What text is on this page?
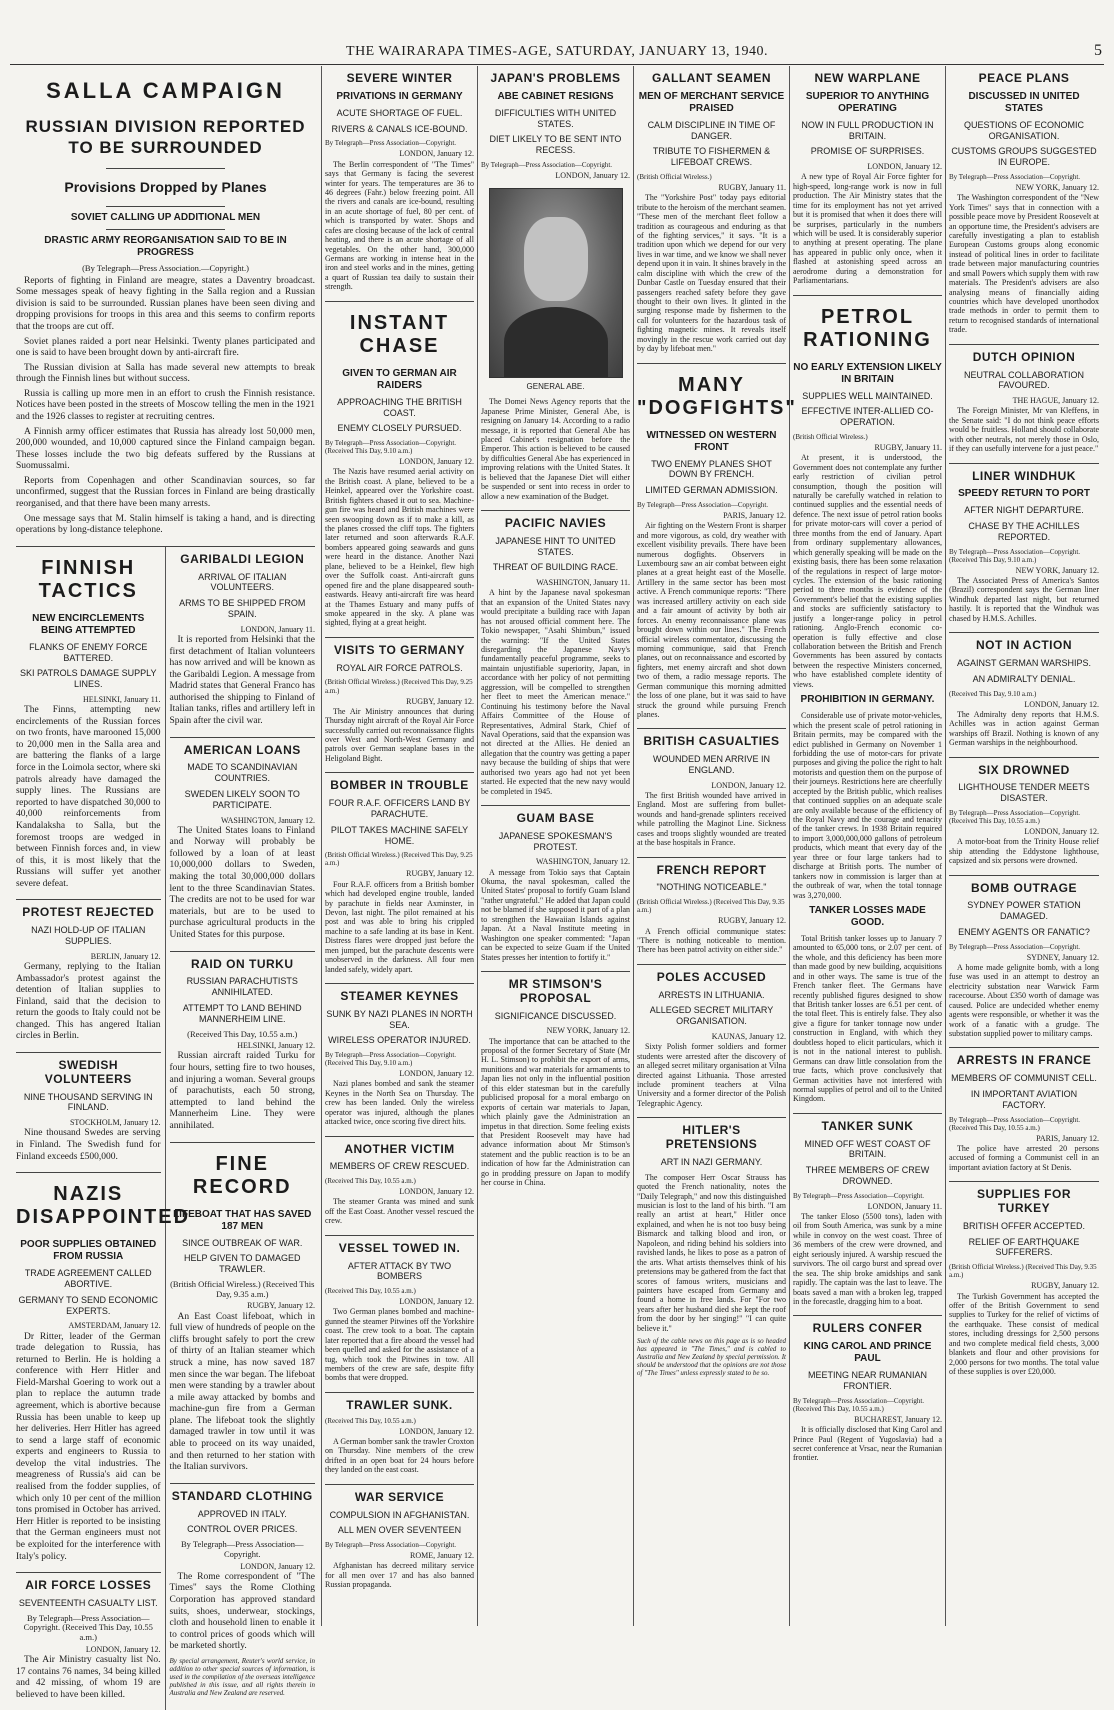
THE WAIRARAPA TIMES-AGE, SATURDAY, JANUARY 13, 1940.	5
SALLA CAMPAIGN
RUSSIAN DIVISION REPORTED TO BE SURROUNDED
Provisions Dropped by Planes
SOVIET CALLING UP ADDITIONAL MEN
DRASTIC ARMY REORGANISATION SAID TO BE IN PROGRESS
(By Telegraph—Press Association.—Copyright.)

Reports of fighting in Finland are meagre, states a Daventry broadcast. Some messages speak of heavy fighting in the Salla region and a Russian division is said to be surrounded. Russian planes have been seen diving and dropping provisions for troops in this area and this seems to confirm reports that the troops are cut off.

Soviet planes raided a port near Helsinki. Twenty planes participated and one is said to have been brought down by anti-aircraft fire.

The Russian division at Salla has made several new attempts to break through the Finnish lines but without success.

Russia is calling up more men in an effort to crush the Finnish resistance. Notices have been posted in the streets of Moscow telling the men in the 1921 and the 1926 classes to register at recruiting centres.

A Finnish army officer estimates that Russia has already lost 50,000 men, 200,000 wounded, and 10,000 captured since the Finland campaign began. These losses include the two big defeats suffered by the Russians at Suomussalmi.

Reports from Copenhagen and other Scandinavian sources, so far unconfirmed, suggest that the Russian forces in Finland are being drastically reorganised, and that there have been many arrests.

One message says that M. Stalin himself is taking a hand, and is directing operations by long-distance telephone.

FINNISH TACTICS
NEW ENCIRCLEMENTS BEING ATTEMPTED
FLANKS OF ENEMY FORCE BATTERED.
SKI PATROLS DAMAGE SUPPLY LINES.
HELSINKI, January 11.

The Finns, attempting new encirclements of the Russian forces on two fronts, have marooned 15,000 to 20,000 men in the Salla area and are battering the flanks of a large force in the Loimola sector, where ski patrols already have damaged the supply lines. The Russians are reported to have dispatched 30,000 to 40,000 reinforcements from Kandalaksha to Salla, but the foremost troops are wedged in between Finnish forces and, in view of this, it is most likely that the Russians will suffer yet another severe defeat.

PROTEST REJECTED
NAZI HOLD-UP OF ITALIAN SUPPLIES.
BERLIN, January 12.

Germany, replying to the Italian Ambassador's protest against the detention of Italian supplies to Finland, said that the decision to return the goods to Italy could not be changed. This has angered Italian circles in Berlin.

SWEDISH VOLUNTEERS
NINE THOUSAND SERVING IN FINLAND.
STOCKHOLM, January 12.

Nine thousand Swedes are serving in Finland. The Swedish fund for Finland exceeds £500,000.

NAZIS DISAPPOINTED
POOR SUPPLIES OBTAINED FROM RUSSIA
TRADE AGREEMENT CALLED ABORTIVE.
GERMANY TO SEND ECONOMIC EXPERTS.
AMSTERDAM, January 12.

Dr Ritter, leader of the German trade delegation to Russia, has returned to Berlin. He is holding a conference with Herr Hitler and Field-Marshal Goering to work out a plan to replace the autumn trade agreement, which is abortive because Russia has been unable to keep up her deliveries. Herr Hitler has agreed to send a large staff of economic experts and engineers to Russia to develop the vital industries. The meagreness of Russia's aid can be realised from the fodder supplies, of which only 10 per cent of the million tons promised in October has arrived. Herr Hitler is reported to be insisting that the German engineers must not be exploited for the interference with Italy's policy.

AIR FORCE LOSSES
SEVENTEENTH CASUALTY LIST.
By Telegraph—Press Association—Copyright. (Received This Day, 10.55 a.m.)
LONDON, January 12.

The Air Ministry casualty list No. 17 contains 76 names, 34 being killed and 42 missing, of whom 19 are believed to have been killed.

GARIBALDI LEGION
ARRIVAL OF ITALIAN VOLUNTEERS.
ARMS TO BE SHIPPED FROM SPAIN.
LONDON, January 11.

It is reported from Helsinki that the first detachment of Italian volunteers has now arrived and will be known as the Garibaldi Legion. A message from Madrid states that General Franco has authorised the shipping to Finland of Italian tanks, rifles and artillery left in Spain after the civil war.

AMERICAN LOANS
MADE TO SCANDINAVIAN COUNTRIES.
SWEDEN LIKELY SOON TO PARTICIPATE.
WASHINGTON, January 12.

The United States loans to Finland and Norway will probably be followed by a loan of at least 10,000,000 dollars to Sweden, making the total 30,000,000 dollars lent to the three Scandinavian States. The credits are not to be used for war materials, but are to be used to purchase agricultural products in the United States for this purpose.

RAID ON TURKU
RUSSIAN PARACHUTISTS ANNIHILATED.
ATTEMPT TO LAND BEHIND MANNERHEIM LINE.
(Received This Day, 10.55 a.m.)
HELSINKI, January 12.

Russian aircraft raided Turku for four hours, setting fire to two houses, and injuring a woman. Several groups of parachutists, each 50 strong, attempted to land behind the Mannerheim Line. They were annihilated.

FINE RECORD
LIFEBOAT THAT HAS SAVED 187 MEN
SINCE OUTBREAK OF WAR.
HELP GIVEN TO DAMAGED TRAWLER.
(British Official Wireless.) (Received This Day, 9.35 a.m.)
RUGBY, January 12.

An East Coast lifeboat, which in full view of hundreds of people on the cliffs brought safely to port the crew of thirty of an Italian steamer which struck a mine, has now saved 187 men since the war began. The lifeboat men were standing by a trawler about a mile away attacked by bombs and machine-gun fire from a German plane. The lifeboat took the slightly damaged trawler in tow until it was able to proceed on its way unaided, and then returned to her station with the Italian survivors.

STANDARD CLOTHING
APPROVED IN ITALY.
CONTROL OVER PRICES.
By Telegraph—Press Association—Copyright.
LONDON, January 12.

The Rome correspondent of "The Times" says the Rome Clothing Corporation has approved standard suits, shoes, underwear, stockings, cloth and household linen to enable it to control prices of goods which will be marketed shortly.

By special arrangement, Reuter's world service, in addition to other special sources of information, is used in the compilation of the overseas intelligence published in this issue, and all rights therein in Australia and New Zealand are reserved.

SEVERE WINTER
PRIVATIONS IN GERMANY
ACUTE SHORTAGE OF FUEL.
RIVERS & CANALS ICE-BOUND.
By Telegraph—Press Association—Copyright.
LONDON, January 12.

The Berlin correspondent of "The Times" says that Germany is facing the severest winter for years. The temperatures are 36 to 46 degrees (Fahr.) below freezing point. All the rivers and canals are ice-bound, resulting in an acute shortage of fuel, 80 per cent. of which is transported by water. Shops and cafes are closing because of the lack of central heating, and there is an acute shortage of all vegetables. On the other hand, 300,000 Germans are working in intense heat in the iron and steel works and in the mines, getting a quart of Russian tea daily to sustain their strength.

INSTANT CHASE
GIVEN TO GERMAN AIR RAIDERS
APPROACHING THE BRITISH COAST.
ENEMY CLOSELY PURSUED.
By Telegraph—Press Association—Copyright. (Received This Day, 9.10 a.m.)
LONDON, January 12.

The Nazis have resumed aerial activity on the British coast. A plane, believed to be a Heinkel, appeared over the Yorkshire coast. British fighters chased it out to sea. Machine-gun fire was heard and British machines were seen swooping down as if to make a kill, as the planes crossed the cliff tops. The fighters later returned and soon afterwards R.A.F. bombers appeared going seawards and guns were heard in the distance. Another Nazi plane, believed to be a Heinkel, flew high over the Suffolk coast. Anti-aircraft guns opened fire and the plane disappeared south-eastwards. Heavy anti-aircraft fire was heard at the Thames Estuary and many puffs of smoke appeared in the sky. A plane was sighted, flying at a great height.

VISITS TO GERMANY
ROYAL AIR FORCE PATROLS.
(British Official Wireless.) (Received This Day, 9.25 a.m.)
RUGBY, January 12.

The Air Ministry announces that during Thursday night aircraft of the Royal Air Force successfully carried out reconnaissance flights over West and North-West Germany and patrols over German seaplane bases in the Heligoland Bight.

BOMBER IN TROUBLE
FOUR R.A.F. OFFICERS LAND BY PARACHUTE.
PILOT TAKES MACHINE SAFELY HOME.
(British Official Wireless.) (Received This Day, 9.25 a.m.)
RUGBY, January 12.

Four R.A.F. officers from a British bomber which had developed engine trouble, landed by parachute in fields near Axminster, in Devon, last night. The pilot remained at his post and was able to bring his crippled machine to a safe landing at its base in Kent. Distress flares were dropped just before the men jumped, but the parachute descents were unobserved in the darkness. All four men landed safely, widely apart.

STEAMER KEYNES
SUNK BY NAZI PLANES IN NORTH SEA.
WIRELESS OPERATOR INJURED.
By Telegraph—Press Association—Copyright. (Received This Day, 9.10 a.m.)
LONDON, January 12.

Nazi planes bombed and sank the steamer Keynes in the North Sea on Thursday. The crew has been landed. Only the wireless operator was injured, although the planes attacked twice, once scoring five direct hits.

ANOTHER VICTIM
MEMBERS OF CREW RESCUED.
(Received This Day, 10.55 a.m.)
LONDON, January 12.

The steamer Granta was mined and sunk off the East Coast. Another vessel rescued the crew.

VESSEL TOWED IN.
AFTER ATTACK BY TWO BOMBERS
(Received This Day, 10.55 a.m.)
LONDON, January 12.

Two German planes bombed and machine-gunned the steamer Pitwines off the Yorkshire coast. The crew took to a boat. The captain later reported that a fire aboard the vessel had been quelled and asked for the assistance of a tug, which took the Pitwines in tow. All members of the crew are safe, despite fifty bombs that were dropped.

TRAWLER SUNK.
(Received This Day, 10.55 a.m.)
LONDON, January 12.

A German bomber sank the trawler Croxton on Thursday. Nine members of the crew drifted in an open boat for 24 hours before they landed on the east coast.

WAR SERVICE
COMPULSION IN AFGHANISTAN.
ALL MEN OVER SEVENTEEN
By Telegraph—Press Association—Copyright.
ROME, January 12.

Afghanistan has decreed military service for all men over 17 and has also banned Russian propaganda.

JAPAN'S PROBLEMS
ABE CABINET RESIGNS
DIFFICULTIES WITH UNITED STATES.
DIET LIKELY TO BE SENT INTO RECESS.
By Telegraph—Press Association—Copyright.
LONDON, January 12.
GENERAL ABE.

The Domei News Agency reports that the Japanese Prime Minister, General Abe, is resigning on January 14. According to a radio message, it is reported that General Abe has placed Cabinet's resignation before the Emperor. This action is believed to be caused by difficulties General Abe has experienced in improving relations with the United States. It is believed that the Japanese Diet will either be suspended or sent into recess in order to allow a new examination of the Budget.

PACIFIC NAVIES
JAPANESE HINT TO UNITED STATES.
THREAT OF BUILDING RACE.
WASHINGTON, January 11.

A hint by the Japanese naval spokesman that an expansion of the United States navy would precipitate a building race with Japan has not aroused official comment here. The Tokio newspaper, "Asahi Shimbun," issued the warning: "If the United States disregarding the Japanese Navy's fundamentally peaceful programme, seeks to maintain unjustifiable superiority, Japan, in accordance with her policy of not permitting aggression, will be compelled to strengthen her fleet to meet the American menace." Continuing his testimony before the Naval Affairs Committee of the House of Representatives, Admiral Stark, Chief of Naval Operations, said that the expansion was not directed at the Allies. He denied an allegation that the country was getting a paper navy because the building of ships that were authorised two years ago had not yet been started. He expected that the new navy would be completed in 1945.

GUAM BASE
JAPANESE SPOKESMAN'S PROTEST.
WASHINGTON, January 12.

A message from Tokio says that Captain Okuma, the naval spokesman, called the United States' proposal to fortify Guam Island "rather ungrateful." He added that Japan could not be blamed if she supposed it part of a plan to strengthen the Hawaiian Islands against Japan. At a Naval Institute meeting in Washington one speaker commented: "Japan can be expected to seize Guam if the United States presses her intention to fortify it."

MR STIMSON'S PROPOSAL
SIGNIFICANCE DISCUSSED.
NEW YORK, January 12.

The importance that can be attached to the proposal of the former Secretary of State (Mr H. L. Stimson) to prohibit the export of arms, munitions and war materials for armaments to Japan lies not only in the influential position of this elder statesman but in the carefully publicised proposal for a moral embargo on exports of certain war materials to Japan, which plainly gave the Administration an impetus in that direction. Some feeling exists that President Roosevelt may have had advance information about Mr Stimson's statement and the public reaction is to be an indication of how far the Administration can go in prodding pressure on Japan to modify her course in China.

GALLANT SEAMEN
MEN OF MERCHANT SERVICE PRAISED
CALM DISCIPLINE IN TIME OF DANGER.
TRIBUTE TO FISHERMEN & LIFEBOAT CREWS.
(British Official Wireless.)
RUGBY, January 11.

The "Yorkshire Post" today pays editorial tribute to the heroism of the merchant seamen. "These men of the merchant fleet follow a tradition as courageous and enduring as that of the fighting services," it says. "It is a tradition upon which we depend for our very lives in war time, and we know we shall never depend upon it in vain. It shines bravely in the calm discipline with which the crew of the Dunbar Castle on Tuesday ensured that their passengers reached safety before they gave thought to their own lives. It glinted in the surging response made by fishermen to the call for volunteers for the hazardous task of fighting magnetic mines. It reveals itself movingly in the rescue work carried out day by day by lifeboat men."

MANY "DOGFIGHTS"
WITNESSED ON WESTERN FRONT
TWO ENEMY PLANES SHOT DOWN BY FRENCH.
LIMITED GERMAN ADMISSION.
By Telegraph—Press Association—Copyright.
PARIS, January 12.

Air fighting on the Western Front is sharper and more vigorous, as cold, dry weather with excellent visibility prevails. There have been numerous dogfights. Observers in Luxembourg saw an air combat between eight planes at a great height east of the Moselle. Artillery in the same sector has been most active. A French communique reports: "There was increased artillery activity on each side and a fair amount of activity by both air forces. An enemy reconnaissance plane was brought down within our lines." The French official wireless commentator, discussing the morning communique, said that French planes, out on reconnaissance and escorted by fighters, met enemy aircraft and shot down two of them, a radio message reports. The German communique this morning admitted the loss of one plane, but it was said to have struck the ground while pursuing French planes.

BRITISH CASUALTIES
WOUNDED MEN ARRIVE IN ENGLAND.
LONDON, January 12.

The first British wounded have arrived in England. Most are suffering from bullet-wounds and hand-grenade splinters received while patrolling the Maginot Line. Sickness cases and troops slightly wounded are treated at the base hospitals in France.

FRENCH REPORT
"NOTHING NOTICEABLE."
(British Official Wireless.) (Received This Day, 9.35 a.m.)
RUGBY, January 12.

A French official communique states: "There is nothing noticeable to mention. There has been patrol activity on either side."

POLES ACCUSED
ARRESTS IN LITHUANIA.
ALLEGED SECRET MILITARY ORGANISATION.
KAUNAS, January 12.

Sixty Polish former soldiers and former students were arrested after the discovery of an alleged secret military organisation at Vilna directed against Lithuania. Those arrested include prominent teachers at Vilna University and a former director of the Polish Telegraphic Agency.

HITLER'S PRETENSIONS
ART IN NAZI GERMANY.

The composer Herr Oscar Strauss has quoted the French nationality, notes the "Daily Telegraph," and now this distinguished musician is lost to the land of his birth. "I am really an artist at heart," Hitler once explained, and when he is not too busy being Bismarck and talking blood and iron, or Napoleon, and riding behind his soldiers into ravished lands, he likes to pose as a patron of the arts. What artists themselves think of his pretensions may be gathered from the fact that scores of famous writers, musicians and painters have escaped from Germany and found a home in free lands. For "For two years after her husband died she kept the roof from the door by her singing!" "I can quite believe it."

Such of the cable news on this page as is so headed has appeared in "The Times," and is cabled to Australia and New Zealand by special permission. It should be understood that the opinions are not those of "The Times" unless expressly stated to be so.

NEW WARPLANE
SUPERIOR TO ANYTHING OPERATING
NOW IN FULL PRODUCTION IN BRITAIN.
PROMISE OF SURPRISES.
LONDON, January 12.

A new type of Royal Air Force fighter for high-speed, long-range work is now in full production. The Air Ministry states that the time for its employment has not yet arrived but it is promised that when it does there will be surprises, particularly in the numbers which will be used. It is considerably superior to anything at present operating. The plane has appeared in public only once, when it flashed at astonishing speed across an aerodrome during a demonstration for Parliamentarians.

PETROL RATIONING
NO EARLY EXTENSION LIKELY IN BRITAIN
SUPPLIES WELL MAINTAINED.
EFFECTIVE INTER-ALLIED CO-OPERATION.
(British Official Wireless.)
RUGBY, January 11.

At present, it is understood, the Government does not contemplate any further early restriction of civilian petrol consumption, though the position will naturally be carefully watched in relation to continued supplies and the essential needs of defence. The next issue of petrol ration books for private motor-cars will cover a period of three months from the end of January. Apart from ordinary supplementary allowances, which generally speaking will be made on the existing basis, there has been some relaxation of the regulations in respect of large motor-cycles. The extension of the basic rationing period to three months is evidence of the Government's belief that the existing supplies and stocks are sufficiently satisfactory to justify a longer-range policy in petrol rationing. Anglo-French economic co-operation is fully effective and close collaboration between the British and French Governments has been assured by contacts between the respective Ministers concerned, who have established complete identity of views.

PROHIBITION IN GERMANY.

Considerable use of private motor-vehicles, which the present scale of petrol rationing in Britain permits, may be compared with the edict published in Germany on November 1 forbidding the use of motor-cars for private purposes and giving the police the right to halt motorists and question them on the purpose of their journeys. Restrictions here are cheerfully accepted by the British public, which realises that continued supplies on an adequate scale are only available because of the efficiency of the Royal Navy and the courage and tenacity of the tanker crews. In 1938 Britain required to import 3,000,000,000 gallons of petroleum products, which meant that every day of the year three or four large tankers had to discharge at British ports. The number of tankers now in commission is larger than at the outbreak of war, when the total tonnage was 3,270,000.

TANKER LOSSES MADE GOOD.

Total British tanker losses up to January 7 amounted to 65,000 tons, or 2.07 per cent. of the whole, and this deficiency has been more than made good by new building, acquisitions and in other ways. The same is true of the French tanker fleet. The Germans have recently published figures designed to show that British tanker losses are 6.51 per cent. of the total fleet. This is entirely false. They also give a figure for tanker tonnage now under construction in England, with which they doubtless hoped to elicit particulars, which it is not in the national interest to publish. Germans can draw little consolation from the true facts, which prove conclusively that German activities have not interfered with normal supplies of petrol and oil to the United Kingdom.

TANKER SUNK
MINED OFF WEST COAST OF BRITAIN.
THREE MEMBERS OF CREW DROWNED.
By Telegraph—Press Association—Copyright.
LONDON, January 11.

The tanker Eloso (5500 tons), laden with oil from South America, was sunk by a mine while in convoy on the west coast. Three of 36 members of the crew were drowned, and eight seriously injured. A warship rescued the survivors. The oil cargo burst and spread over the sea. The ship broke amidships and sank rapidly. The captain was the last to leave. The boats saved a man with a broken leg, trapped in the forecastle, dragging him to a boat.

RULERS CONFER
KING CAROL AND PRINCE PAUL
MEETING NEAR RUMANIAN FRONTIER.
By Telegraph—Press Association—Copyright. (Received This Day, 10.55 a.m.)
BUCHAREST, January 12.

It is officially disclosed that King Carol and Prince Paul (Regent of Yugoslavia) had a secret conference at Vrsac, near the Rumanian frontier.

PEACE PLANS
DISCUSSED IN UNITED STATES
QUESTIONS OF ECONOMIC ORGANISATION.
CUSTOMS GROUPS SUGGESTED IN EUROPE.
By Telegraph—Press Association—Copyright.
NEW YORK, January 12.

The Washington correspondent of the "New York Times" says that in connection with a possible peace move by President Roosevelt at an opportune time, the President's advisers are carefully investigating a plan to establish European Customs groups along economic instead of political lines in order to facilitate trade between major manufacturing countries and small Powers which supply them with raw materials. The President's advisers are also analysing means of financially aiding countries which have developed unorthodox trade methods in order to permit them to return to recognised standards of international trade.

DUTCH OPINION
NEUTRAL COLLABORATION FAVOURED.
THE HAGUE, January 12.

The Foreign Minister, Mr van Kleffens, in the Senate said: "I do not think peace efforts would be fruitless. Holland should collaborate with other neutrals, not merely those in Oslo, if they can usefully intervene for a just peace."

LINER WINDHUK
SPEEDY RETURN TO PORT
AFTER NIGHT DEPARTURE.
CHASE BY THE ACHILLES REPORTED.
By Telegraph—Press Association—Copyright. (Received This Day, 9.10 a.m.)
NEW YORK, January 12.

The Associated Press of America's Santos (Brazil) correspondent says the German liner Windhuk departed last night, but returned hastily. It is reported that the Windhuk was chased by H.M.S. Achilles.

NOT IN ACTION
AGAINST GERMAN WARSHIPS.
AN ADMIRALTY DENIAL.
(Received This Day, 9.10 a.m.)
LONDON, January 12.

The Admiralty deny reports that H.M.S. Achilles was in action against German warships off Brazil. Nothing is known of any German warships in the neighbourhood.

SIX DROWNED
LIGHTHOUSE TENDER MEETS DISASTER.
By Telegraph—Press Association—Copyright. (Received This Day, 10.55 a.m.)
LONDON, January 12.

A motor-boat from the Trinity House relief ship attending the Eddystone lighthouse, capsized and six persons were drowned.

BOMB OUTRAGE
SYDNEY POWER STATION DAMAGED.
ENEMY AGENTS OR FANATIC?
By Telegraph—Press Association—Copyright.
SYDNEY, January 12.

A home made gelignite bomb, with a long fuse was used in an attempt to destroy an electricity substation near Warwick Farm racecourse. About £350 worth of damage was caused. Police are undecided whether enemy agents were responsible, or whether it was the work of a fanatic with a grudge. The substation supplied power to military camps.

ARRESTS IN FRANCE
MEMBERS OF COMMUNIST CELL.
IN IMPORTANT AVIATION FACTORY.
By Telegraph—Press Association—Copyright. (Received This Day, 10.55 a.m.)
PARIS, January 12.

The police have arrested 20 persons accused of forming a Communist cell in an important aviation factory at St Denis.

SUPPLIES FOR TURKEY
BRITISH OFFER ACCEPTED.
RELIEF OF EARTHQUAKE SUFFERERS.
(British Official Wireless.) (Received This Day, 9.35 a.m.)
RUGBY, January 12.

The Turkish Government has accepted the offer of the British Government to send supplies to Turkey for the relief of victims of the earthquake. These consist of medical stores, including dressings for 2,500 persons and two complete medical field chests, 3,000 blankets and flour and other provisions for 2,000 persons for two months. The total value of these supplies is over £20,000.
